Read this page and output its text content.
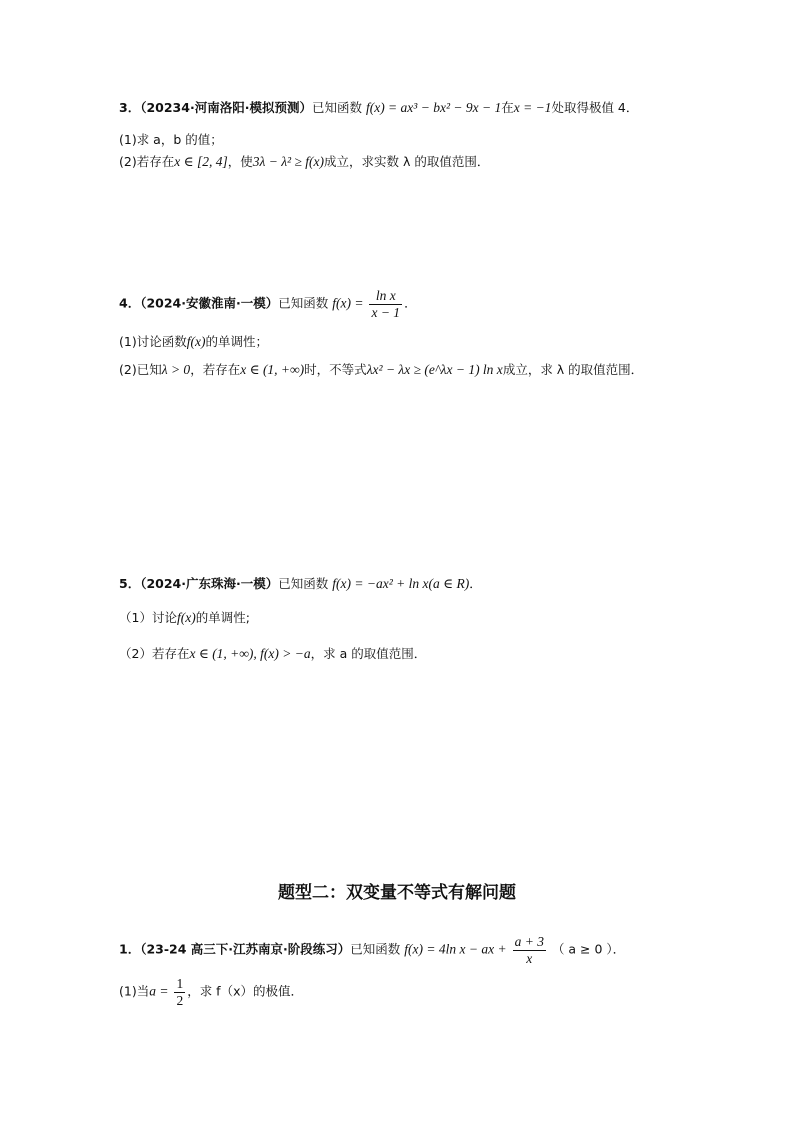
3．（20234·河南洛阳·模拟预测）已知函数 f(x) = ax³ − bx² − 9x − 1在x = −1处取得极值 4．
(1)求 a，b 的值；
(2)若存在x ∈ [2, 4]，使3λ − λ² ≥ f(x)成立，求实数 λ 的取值范围．
4．（2024·安徽淮南·一模）已知函数 $f(x) = \frac{\text{ln x}}{x - 1}$ ．
(1)讨论函数f(x)的单调性；
(2)已知λ > 0，若存在x ∈ (1, +∞)时，不等式λx² − λx ≥ (e^λx − 1) ln x成立，求 λ 的取值范围．
5．（2024·广东珠海·一模）已知函数 f(x) = −ax² + ln x(a ∈ R)．
（1）讨论f(x)的单调性;
（2）若存在x ∈ (1, +∞), f(x) > −a，求 a 的取值范围．
题型二：双变量不等式有解问题
1．（23-24 高三下·江苏南京·阶段练习）已知函数 f(x) = 4ln x − ax + $\frac{a + 3}{x}$ （ a ≥ 0 ）．
(1)当$a = \frac{1}{2}$ ，求 f（x）的极值．
